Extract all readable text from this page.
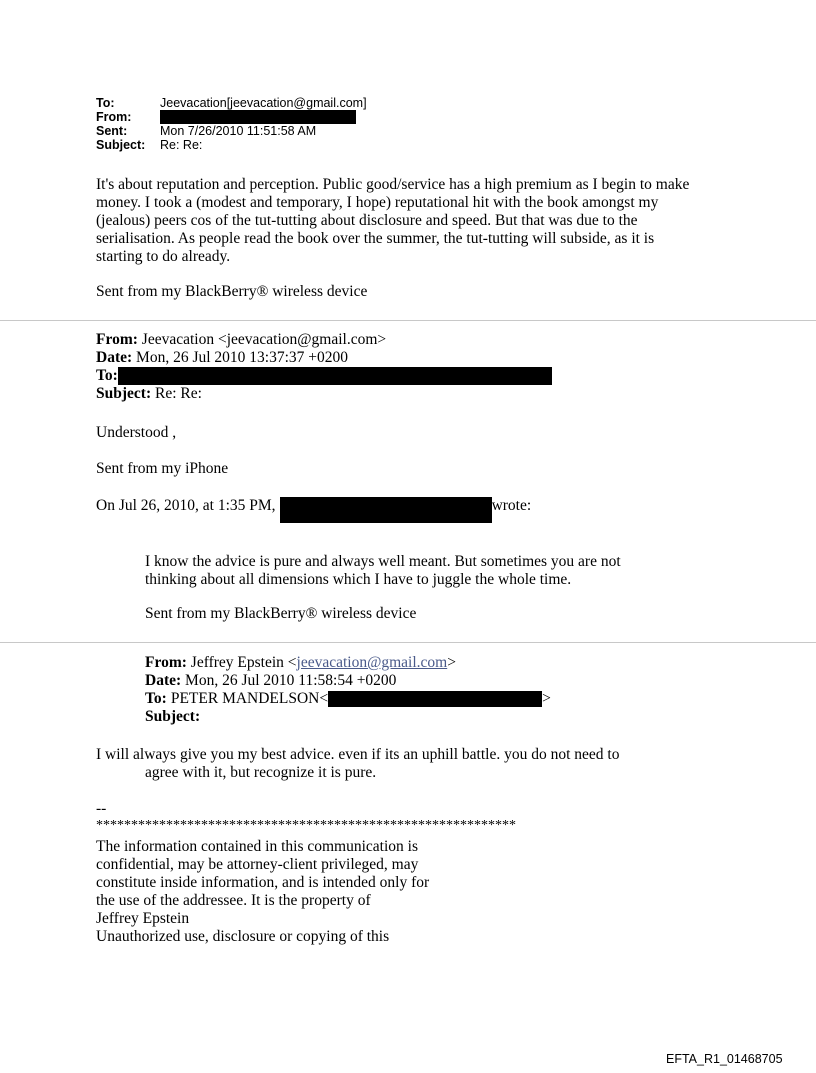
To:	Jeevacation[jeevacation@gmail.com]
From:
Sent:	Mon 7/26/2010 11:51:58 AM
Subject:	Re: Re:

It's about reputation and perception. Public good/service has a high premium as I begin to make

money. I took a (modest and temporary, I hope) reputational hit with the book amongst my

(jealous) peers cos of the tut-tutting about disclosure and speed. But that was due to the

serialisation. As people read the book over the summer, the tut-tutting will subside, as it is

starting to do already.

Sent from my BlackBerry® wireless device
From: Jeevacation <jeevacation@gmail.com>
Date: Mon, 26 Jul 2010 13:37:37 +0200
To:
Subject: Re: Re:
Understood ,
Sent from my iPhone
On Jul 26, 2010, at 1:35 PM,	wrote:
I know the advice is pure and always well meant. But sometimes you are not
thinking about all dimensions which I have to juggle the whole time.
Sent from my BlackBerry® wireless device
From: Jeffrey Epstein <jeevacation@gmail.com>
Date: Mon, 26 Jul 2010 11:58:54 +0200
To: PETER MANDELSON<	>
Subject:
I will always give you my best advice. even if its an uphill battle. you do not need to
agree with it, but recognize it is pure.
--
************************************************************
The information contained in this communication is
confidential, may be attorney-client privileged, may
constitute inside information, and is intended only for
the use of the addressee. It is the property of
Jeffrey Epstein
Unauthorized use, disclosure or copying of this
EFTA_R1_01468705
